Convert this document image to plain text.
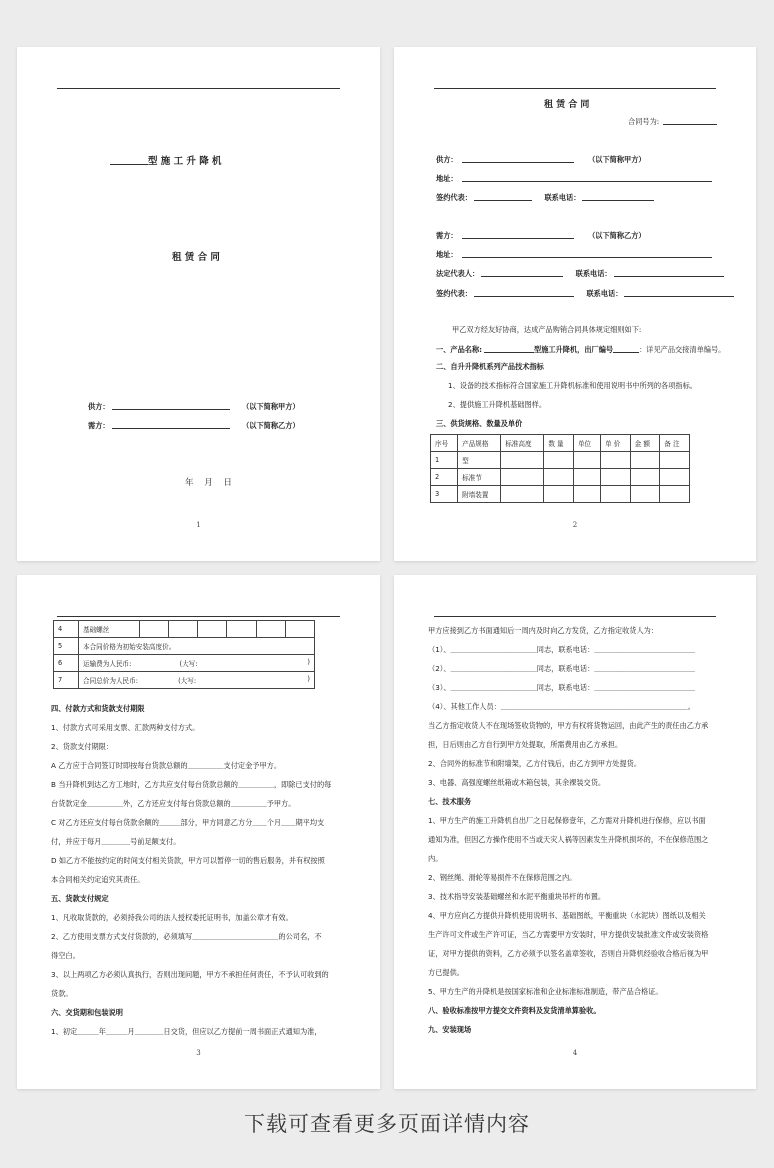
型 施 工 升 降 机
租 赁 合 同
供方：	（以下简称甲方）
需方：	（以下简称乙方）
年 月 日
1
租 赁 合 同
合同号为:
供方：	（以下简称甲方）
地址：
签约代表：	联系电话：
需方：	（以下简称乙方）
地址：
法定代表人：	联系电话：
签约代表：	联系电话：
甲乙双方经友好协商，达成产品购销合同具体规定细则如下:
一、产品名称:	型施工升降机，出厂编号	：详见产品交接清单编号。
二、自升升降机系列产品技术指标
1、设备的技术指标符合国家施工升降机标准和使用说明书中所列的各项指标。
2、提供施工升降机基础图样。
三、供货规格、数量及单价
序号	产品规格	标准高度	数 量	单位	单 价	金 额	备 注
1	型						
2	标准节						
3	附墙装置						
2
4	基础螺丝						
5	本合同价格为初始安装高度价。						
6	运输费为人民币: (大写: )						

7	合同总价为人民币: (大写: )						
四、付款方式和货款支付期限
1、付款方式可采用支票、汇款两种支付方式。
2、货款支付期限：
A 乙方应于合同签订时即按每台货款总额的＿＿＿＿＿支付定金予甲方。
B 当升降机到达乙方工地时，乙方共应支付每台货款总额的＿＿＿＿＿，即除已支付的每
台货款定金＿＿＿＿＿外，乙方还应支付每台货款总额的＿＿＿＿＿予甲方。
C 对乙方还应支付每台货款余额的＿＿＿部分，甲方同意乙方分＿＿个月＿＿期平均支
付，并应于每月＿＿＿＿号前足额支付。
D 如乙方不能按约定的时间支付相关货款，甲方可以暂停一切的售后服务，并有权按照
本合同相关约定追究其责任。
五、货款支付规定
1、凡收取货款的，必须持我公司的法人授权委托证明书，加盖公章才有效。
2、乙方使用支票方式支付货款的，必须填写＿＿＿＿＿＿＿＿＿＿＿＿的公司名，不
得空白。
3、以上两项乙方必须认真执行，否则出现问题，甲方不承担任何责任，不予认可收到的
货款。
六、交货期和包装说明
1、初定＿＿＿年＿＿＿月＿＿＿＿日交货，但应以乙方提前一周书面正式通知为准，
3
甲方应接到乙方书面通知后一周内及时向乙方发货，乙方指定收货人为：
（1）、＿＿＿＿＿＿＿＿＿＿＿＿同志，联系电话：＿＿＿＿＿＿＿＿＿＿＿＿＿＿
（2）、＿＿＿＿＿＿＿＿＿＿＿＿同志，联系电话：＿＿＿＿＿＿＿＿＿＿＿＿＿＿
（3）、＿＿＿＿＿＿＿＿＿＿＿＿同志，联系电话：＿＿＿＿＿＿＿＿＿＿＿＿＿＿
（4）、其他工作人员：＿＿＿＿＿＿＿＿＿＿＿＿＿＿＿＿＿＿＿＿＿＿＿＿＿＿。
当乙方指定收货人不在现场签收货物的，甲方有权将货物运回，由此产生的责任由乙方承
担，日后则由乙方自行到甲方处提取，所需费用由乙方承担。
2、合同外的标准节和附墙架，乙方付钱后，由乙方到甲方处提货。
3、电器、高强度螺丝纸箱或木箱包装，其余裸装交货。
七、技术服务
1、甲方生产的施工升降机自出厂之日起保修壹年，乙方需对升降机进行保修，应以书面
通知为准，但因乙方操作使用不当或天灾人祸等因素发生升降机损坏的，不在保修范围之
内。
2、钢丝绳、滑轮等易损件不在保修范围之内。
3、技术指导安装基础螺丝和水泥平衡重块吊杆的布置。
4、甲方应向乙方提供升降机使用说明书、基础图纸，平衡重块（水泥块）图纸以及相关
生产许可文件或生产许可证，当乙方需要甲方安装时，甲方提供安装批准文件或安装资格
证，对甲方提供的资料，乙方必须予以签名盖章签收，否则自升降机经验收合格后视为甲
方已提供。
5、甲方生产的升降机是按国家标准和企业标准标准制造，带产品合格证。
八、验收标准按甲方提交文件资料及发货清单算验收。
九、安装现场
4
下载可查看更多页面详情内容
